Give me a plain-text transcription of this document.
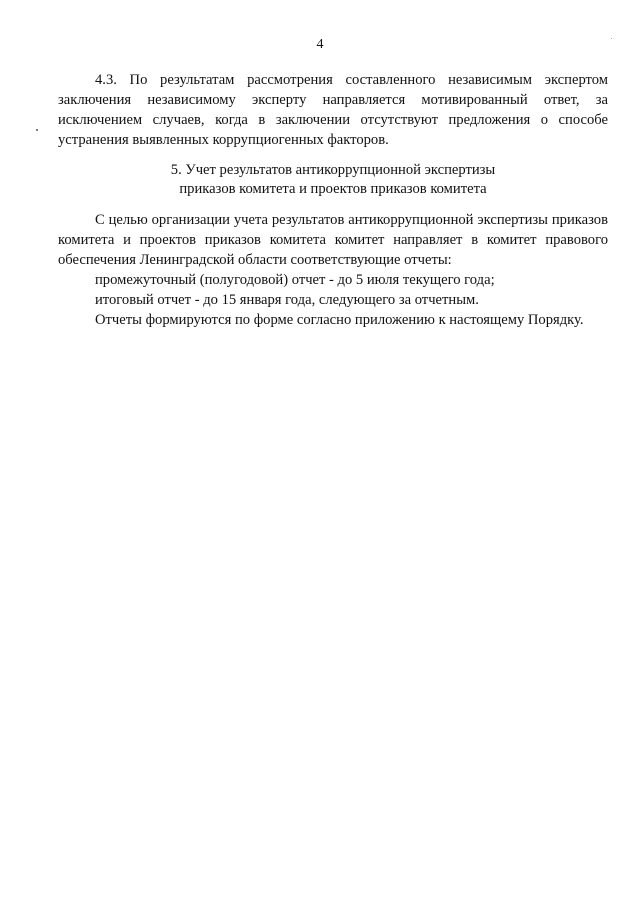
4

4.3. По результатам рассмотрения составленного независимым экспертом заключения независимому эксперту направляется мотивированный ответ, за исключением случаев, когда в заключении отсутствуют предложения о способе устранения выявленных коррупциогенных факторов.

5. Учет результатов антикоррупционной экспертизы
приказов комитета и проектов приказов комитета

С целью организации учета результатов антикоррупционной экспертизы приказов комитета и проектов приказов комитета комитет направляет в комитет правового обеспечения Ленинградской области соответствующие отчеты:

промежуточный (полугодовой) отчет - до 5 июля текущего года;

итоговый отчет - до 15 января года, следующего за отчетным.

Отчеты формируются по форме согласно приложению к настоящему Порядку.
